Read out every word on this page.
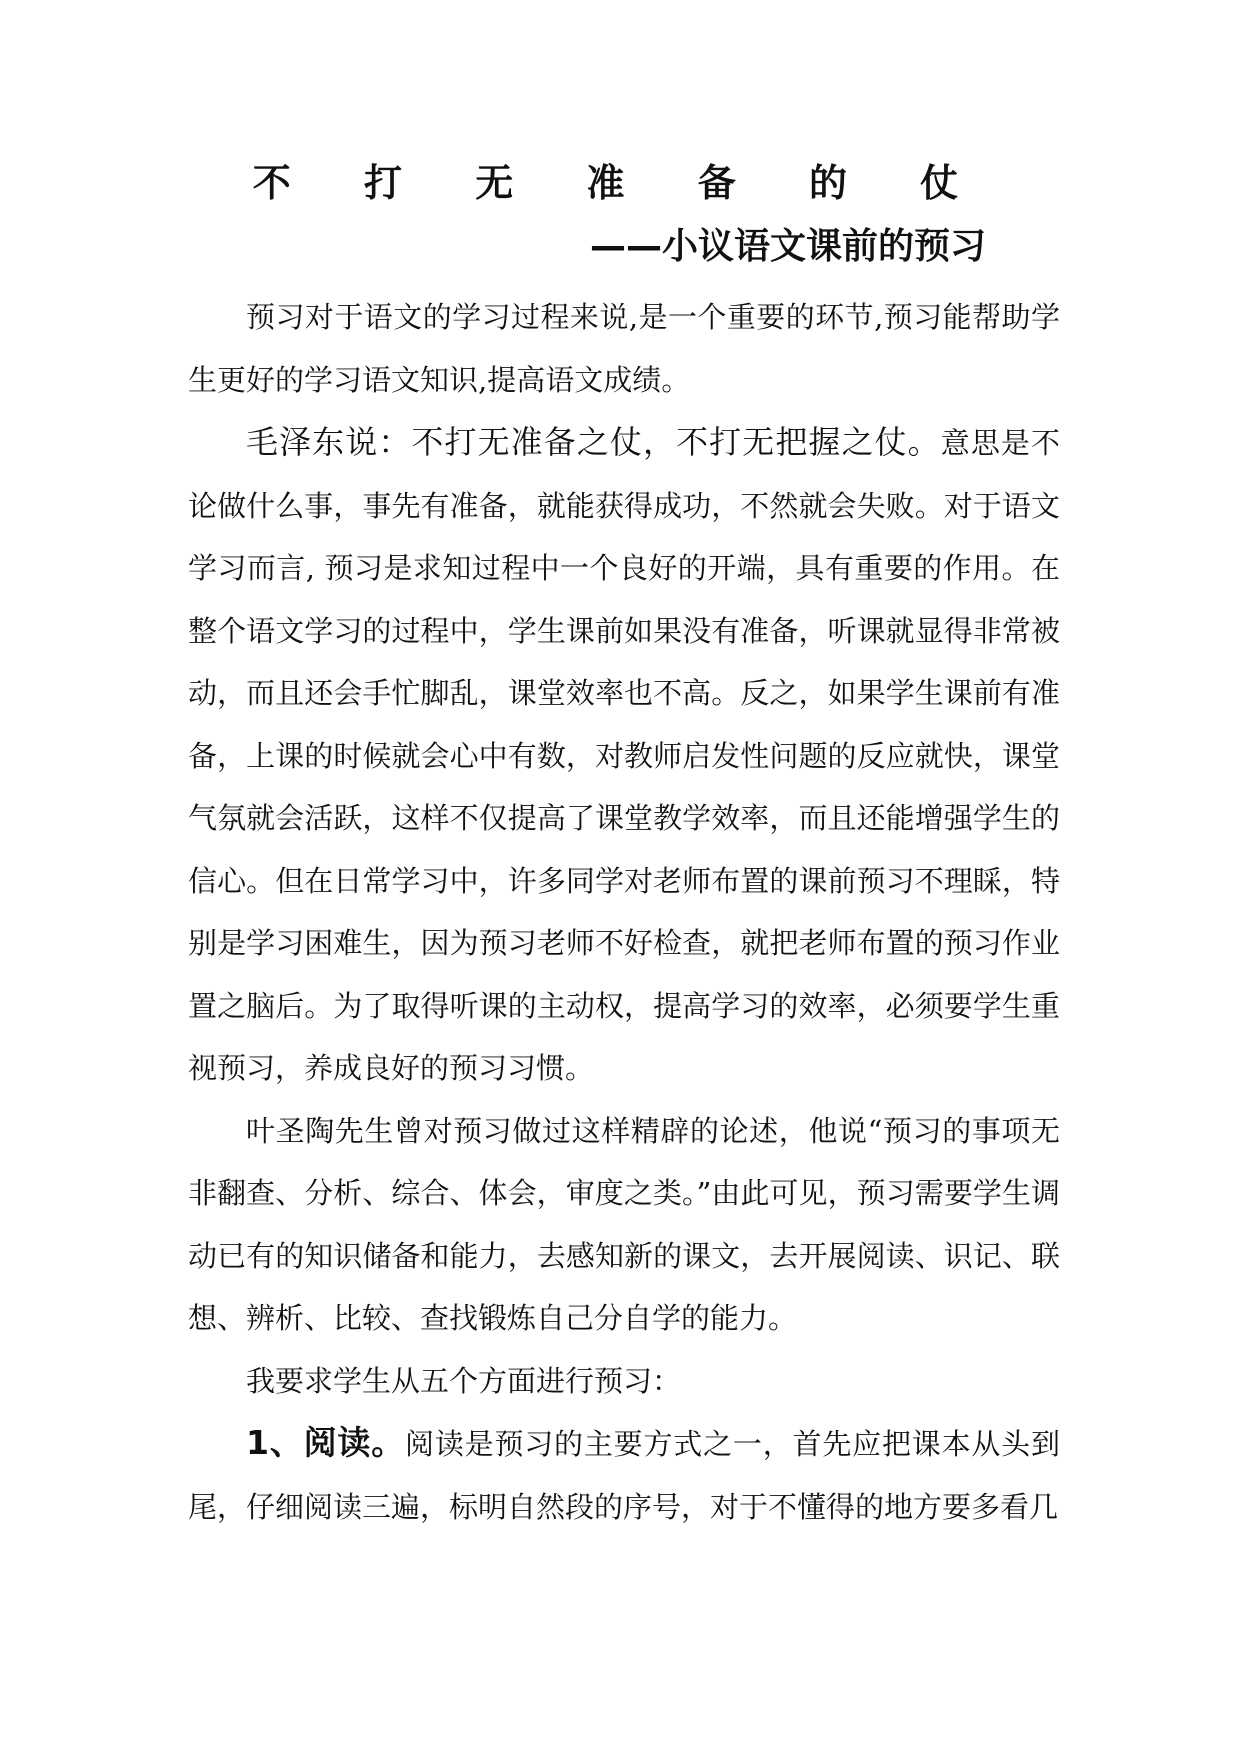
不 打 无 准 备 的 仗
——小议语文课前的预习

预习对于语文的学习过程来说,是一个重要的环节,预习能帮助学生更好的学习语文知识,提高语文成绩。

毛泽东说：不打无准备之仗，不打无把握之仗。意思是不论做什么事，事先有准备，就能获得成功，不然就会失败。对于语文学习而言, 预习是求知过程中一个良好的开端，具有重要的作用。在整个语文学习的过程中，学生课前如果没有准备，听课就显得非常被动，而且还会手忙脚乱，课堂效率也不高。反之，如果学生课前有准备，上课的时候就会心中有数，对教师启发性问题的反应就快，课堂气氛就会活跃，这样不仅提高了课堂教学效率，而且还能增强学生的信心。但在日常学习中，许多同学对老师布置的课前预习不理睬，特别是学习困难生，因为预习老师不好检查，就把老师布置的预习作业置之脑后。为了取得听课的主动权，提高学习的效率，必须要学生重视预习，养成良好的预习习惯。

叶圣陶先生曾对预习做过这样精辟的论述，他说“预习的事项无非翻查、分析、综合、体会，审度之类。”由此可见，预习需要学生调动已有的知识储备和能力，去感知新的课文，去开展阅读、识记、联想、辨析、比较、查找锻炼自己分自学的能力。

我要求学生从五个方面进行预习：

1、阅读。阅读是预习的主要方式之一，首先应把课本从头到尾，仔细阅读三遍，标明自然段的序号，对于不懂得的地方要多看几
